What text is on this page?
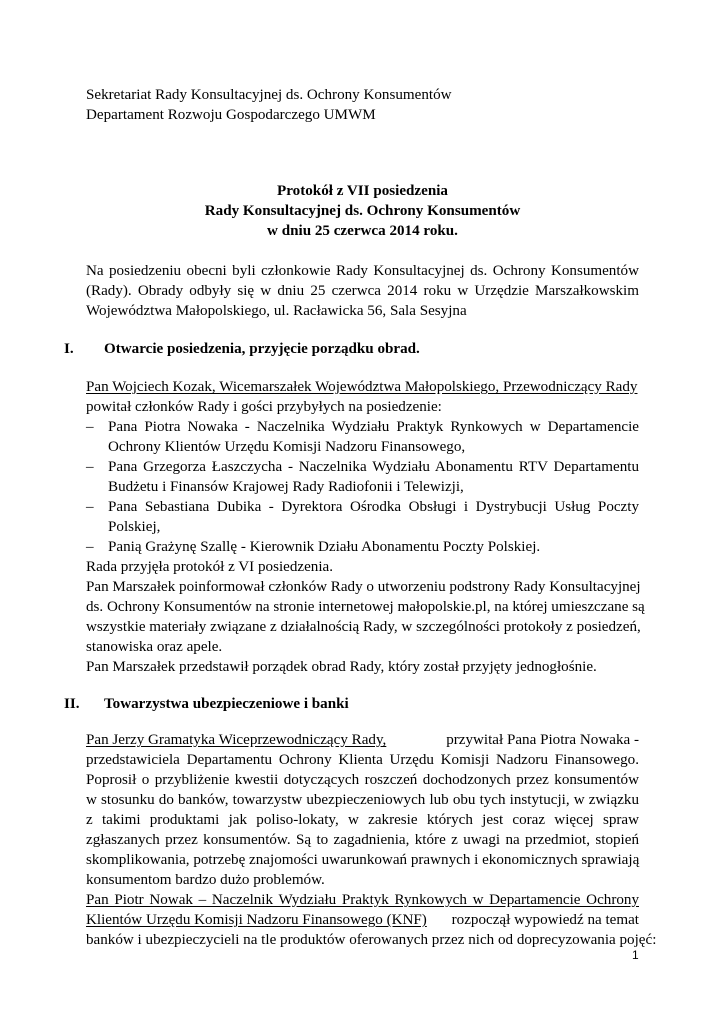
Sekretariat Rady Konsultacyjnej ds. Ochrony Konsumentów
Departament Rozwoju Gospodarczego UMWM
Protokół z VII posiedzenia
Rady Konsultacyjnej ds. Ochrony Konsumentów
w dniu 25 czerwca 2014 roku.
Na posiedzeniu obecni byli członkowie Rady Konsultacyjnej ds. Ochrony Konsumentów
(Rady). Obrady odbyły się w dniu 25 czerwca 2014 roku w Urzędzie Marszałkowskim
Województwa Małopolskiego, ul. Racławicka 56, Sala Sesyjna
I. Otwarcie posiedzenia, przyjęcie porządku obrad.
Pan Wojciech Kozak, Wicemarszałek Województwa Małopolskiego, Przewodniczący Rady
powitał członków Rady i gości przybyłych na posiedzenie:
– Pana Piotra Nowaka - Naczelnika Wydziału Praktyk Rynkowych w Departamencie
Ochrony Klientów Urzędu Komisji Nadzoru Finansowego,
– Pana Grzegorza Łaszczycha - Naczelnika Wydziału Abonamentu RTV Departamentu
Budżetu i Finansów Krajowej Rady Radiofonii i Telewizji,
– Pana Sebastiana Dubika - Dyrektora Ośrodka Obsługi i Dystrybucji Usług Poczty
Polskiej,
– Panią Grażynę Szallę - Kierownik Działu Abonamentu Poczty Polskiej.
Rada przyjęła protokół z VI posiedzenia.
Pan Marszałek poinformował członków Rady o utworzeniu podstrony Rady Konsultacyjnej
ds. Ochrony Konsumentów na stronie internetowej małopolskie.pl, na której umieszczane są
wszystkie materiały związane z działalnością Rady, w szczególności protokoły z posiedzeń,
stanowiska oraz apele.
Pan Marszałek przedstawił porządek obrad Rady, który został przyjęty jednogłośnie.
II. Towarzystwa ubezpieczeniowe i banki
Pan Jerzy Gramatyka Wiceprzewodniczący Rady,	przywitał Pana Piotra Nowaka -
przedstawiciela Departamentu Ochrony Klienta Urzędu Komisji Nadzoru Finansowego.
Poprosił o przybliżenie kwestii dotyczących roszczeń dochodzonych przez konsumentów
w stosunku do banków, towarzystw ubezpieczeniowych lub obu tych instytucji, w związku
z takimi produktami jak poliso-lokaty, w zakresie których jest coraz więcej spraw
zgłaszanych przez konsumentów. Są to zagadnienia, które z uwagi na przedmiot, stopień
skomplikowania, potrzebę znajomości uwarunkowań prawnych i ekonomicznych sprawiają
konsumentom bardzo dużo problemów.
Pan Piotr Nowak – Naczelnik Wydziału Praktyk Rynkowych w Departamencie Ochrony
Klientów Urzędu Komisji Nadzoru Finansowego (KNF) rozpoczął wypowiedź na temat
banków i ubezpieczycieli na tle produktów oferowanych przez nich od doprecyzowania pojęć:
1
